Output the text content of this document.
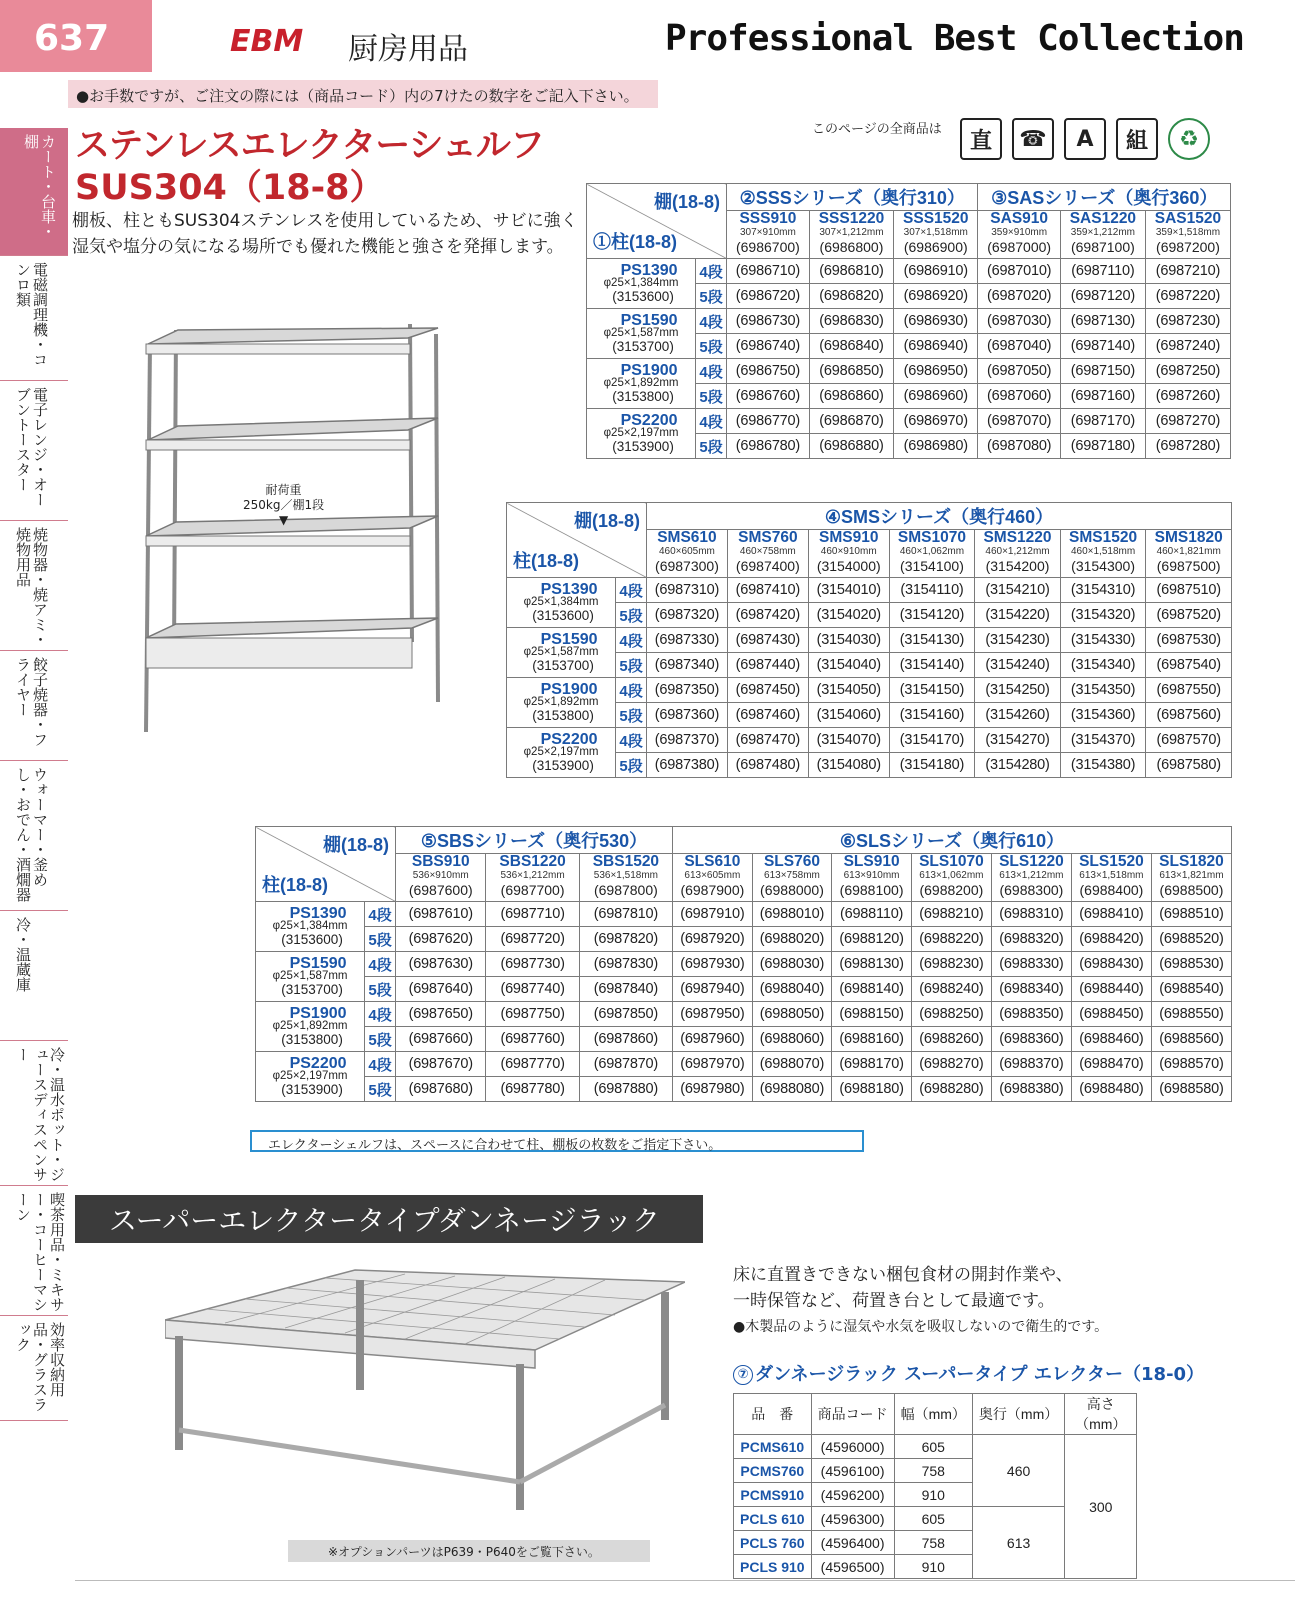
637	EBM 厨房用品	Professional Best Collection
●お手数ですが、ご注文の際には（商品コード）内の7けたの数字をご記入下さい。
カート・台車・棚
電磁調理機・コンロ類
電子レンジ・オーブントースター
焼物器・焼アミ・焼物用品
餃子焼器・フライヤー
ウォーマー・釜めし・おでん・酒燗器
冷・温蔵庫
冷・温水ポット・ジュースディスペンサー
喫茶用品・ミキサー・コーヒーマシーン
効率収納用品・グラスラック
ステンレスエレクターシェルフ
SUS304（18-8）
棚板、柱ともSUS304ステンレスを使用しているため、サビに強く湿気や塩分の気になる場所でも優れた機能と強さを発揮します。
このページの全商品は	直	☎	A	組	♻
耐荷重
250kg／棚1段
▼
棚(18-8)
①柱(18-8)		②SSSシリーズ（奥行310）			③SASシリーズ（奥行360）		
		SSS910
307×910mm
(6986700)	SSS1220
307×1,212mm
(6986800)	SSS1520
307×1,518mm
(6986900)	SAS910
359×910mm
(6987000)	SAS1220
359×1,212mm
(6987100)	SAS1520
359×1,518mm
(6987200)

PS1390
φ25×1,384mm
(3153600)	4段	(6986710)	(6986810)	(6986910)	(6987010)	(6987110)	(6987210)
	5段	(6986720)	(6986820)	(6986920)	(6987020)	(6987120)	(6987220)

PS1590
φ25×1,587mm
(3153700)	4段	(6986730)	(6986830)	(6986930)	(6987030)	(6987130)	(6987230)
	5段	(6986740)	(6986840)	(6986940)	(6987040)	(6987140)	(6987240)

PS1900
φ25×1,892mm
(3153800)	4段	(6986750)	(6986850)	(6986950)	(6987050)	(6987150)	(6987250)
	5段	(6986760)	(6986860)	(6986960)	(6987060)	(6987160)	(6987260)

PS2200
φ25×2,197mm
(3153900)	4段	(6986770)	(6986870)	(6986970)	(6987070)	(6987170)	(6987270)
	5段	(6986780)	(6986880)	(6986980)	(6987080)	(6987180)	(6987280)
棚(18-8)
柱(18-8)		④SMSシリーズ（奥行460）						
		SMS610
460×605mm
(6987300)	SMS760
460×758mm
(6987400)	SMS910
460×910mm
(3154000)	SMS1070
460×1,062mm
(3154100)	SMS1220
460×1,212mm
(3154200)	SMS1520
460×1,518mm
(3154300)	SMS1820
460×1,821mm
(6987500)

PS1390
φ25×1,384mm
(3153600)	4段	(6987310)	(6987410)	(3154010)	(3154110)	(3154210)	(3154310)	(6987510)
	5段	(6987320)	(6987420)	(3154020)	(3154120)	(3154220)	(3154320)	(6987520)

PS1590
φ25×1,587mm
(3153700)	4段	(6987330)	(6987430)	(3154030)	(3154130)	(3154230)	(3154330)	(6987530)
	5段	(6987340)	(6987440)	(3154040)	(3154140)	(3154240)	(3154340)	(6987540)

PS1900
φ25×1,892mm
(3153800)	4段	(6987350)	(6987450)	(3154050)	(3154150)	(3154250)	(3154350)	(6987550)
	5段	(6987360)	(6987460)	(3154060)	(3154160)	(3154260)	(3154360)	(6987560)

PS2200
φ25×2,197mm
(3153900)	4段	(6987370)	(6987470)	(3154070)	(3154170)	(3154270)	(3154370)	(6987570)
	5段	(6987380)	(6987480)	(3154080)	(3154180)	(3154280)	(3154380)	(6987580)
棚(18-8)
柱(18-8)		⑤SBSシリーズ（奥行530）			⑥SLSシリーズ（奥行610）						
		SBS910
536×910mm
(6987600)	SBS1220
536×1,212mm
(6987700)	SBS1520
536×1,518mm
(6987800)	SLS610
613×605mm
(6987900)	SLS760
613×758mm
(6988000)	SLS910
613×910mm
(6988100)	SLS1070
613×1,062mm
(6988200)	SLS1220
613×1,212mm
(6988300)	SLS1520
613×1,518mm
(6988400)	SLS1820
613×1,821mm
(6988500)

PS1390
φ25×1,384mm
(3153600)	4段	(6987610)	(6987710)	(6987810)	(6987910)	(6988010)	(6988110)	(6988210)	(6988310)	(6988410)	(6988510)
	5段	(6987620)	(6987720)	(6987820)	(6987920)	(6988020)	(6988120)	(6988220)	(6988320)	(6988420)	(6988520)

PS1590
φ25×1,587mm
(3153700)	4段	(6987630)	(6987730)	(6987830)	(6987930)	(6988030)	(6988130)	(6988230)	(6988330)	(6988430)	(6988530)
	5段	(6987640)	(6987740)	(6987840)	(6987940)	(6988040)	(6988140)	(6988240)	(6988340)	(6988440)	(6988540)

PS1900
φ25×1,892mm
(3153800)	4段	(6987650)	(6987750)	(6987850)	(6987950)	(6988050)	(6988150)	(6988250)	(6988350)	(6988450)	(6988550)
	5段	(6987660)	(6987760)	(6987860)	(6987960)	(6988060)	(6988160)	(6988260)	(6988360)	(6988460)	(6988560)

PS2200
φ25×2,197mm
(3153900)	4段	(6987670)	(6987770)	(6987870)	(6987970)	(6988070)	(6988170)	(6988270)	(6988370)	(6988470)	(6988570)
	5段	(6987680)	(6987780)	(6987880)	(6987980)	(6988080)	(6988180)	(6988280)	(6988380)	(6988480)	(6988580)
エレクターシェルフは、スペースに合わせて柱、棚板の枚数をご指定下さい。
スーパーエレクタータイプダンネージラック
※オプションパーツはP639・P640をご覧下さい。
床に直置きできない梱包食材の開封作業や、
一時保管など、荷置き台として最適です。
●木製品のように湿気や水気を吸収しないので衛生的です。
⑦ ダンネージラック スーパータイプ エレクター（18-0）
品　番	商品コード	幅（mm）	奥行（mm）	高さ（mm）
PCMS610	(4596000)	605	460	300
PCMS760	(4596100)	758		
PCMS910	(4596200)	910		
PCLS 610	(4596300)	605	613	
PCLS 760	(4596400)	758		
PCLS 910	(4596500)	910		
